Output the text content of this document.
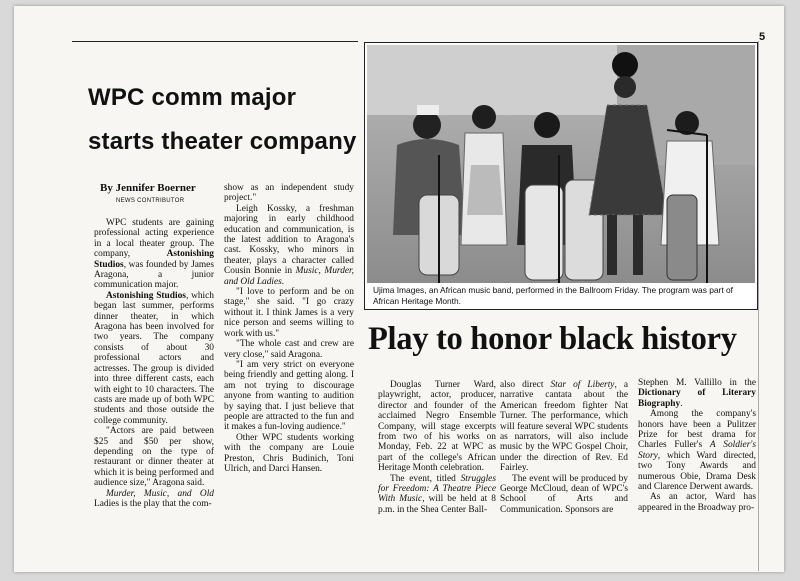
5
WPC comm major
starts theater company
By Jennifer Boerner
NEWS CONTRIBUTOR

WPC students are gaining professional acting experience in a local theater group. The company, Astonishing Studios, was founded by James Aragona, a junior communication major.

Astonishing Studios, which began last summer, performs dinner theater, in which Aragona has been involved for two years. The company consists of about 30 professional actors and actresses. The group is divided into three different casts, each with eight to 10 characters. The casts are made up of both WPC students and those outside the college community.

"Actors are paid between $25 and $50 per show, depending on the type of restaurant or dinner theater at which it is being performed and audience size," Aragona said.

Murder, Music, and Old Ladies is the play that the com-

show as an independent study project."

Leigh Kossky, a freshman majoring in early childhood education and communication, is the latest addition to Aragona's cast. Kossky, who minors in theater, plays a character called Cousin Bonnie in Music, Murder, and Old Ladies.

"I love to perform and be on stage," she said. "I go crazy without it. I think James is a very nice person and seems willing to work with us."

"The whole cast and crew are very close," said Aragona.

"I am very strict on everyone being friendly and getting along. I am not trying to discourage anyone from wanting to audition by saying that. I just believe that people are attracted to the fun and it makes a fun-loving audience."

Other WPC students working with the company are Louie Preston, Chris Budinich, Toni Ulrich, and Darci Hansen.

Ujima Images, an African music band, performed in the Ballroom Friday. The program was part of African Heritage Month.
Play to honor black history

Douglas Turner Ward, playwright, actor, producer, director and founder of the acclaimed Negro Ensemble Company, will stage excerpts from two of his works on Monday, Feb. 22 at WPC as part of the college's African Heritage Month celebration.

The event, titled Struggles for Freedom: A Theatre Piece With Music, will be held at 8 p.m. in the Shea Center Ball-

also direct Star of Liberty, a narrative cantata about the American freedom fighter Nat Turner. The performance, which will feature several WPC students as narrators, will also include music by the WPC Gospel Choir, under the direction of Rev. Ed Fairley.

The event will be produced by George McCloud, dean of WPC's School of Arts and Communication. Sponsors are

Stephen M. Vallillo in the Dictionary of Literary Biography.

Among the company's honors have been a Pulitzer Prize for best drama for Charles Fuller's A Soldier's Story, which Ward directed, two Tony Awards and numerous Obie, Drama Desk and Clarence Derwent awards.

As an actor, Ward has appeared in the Broadway pro-
